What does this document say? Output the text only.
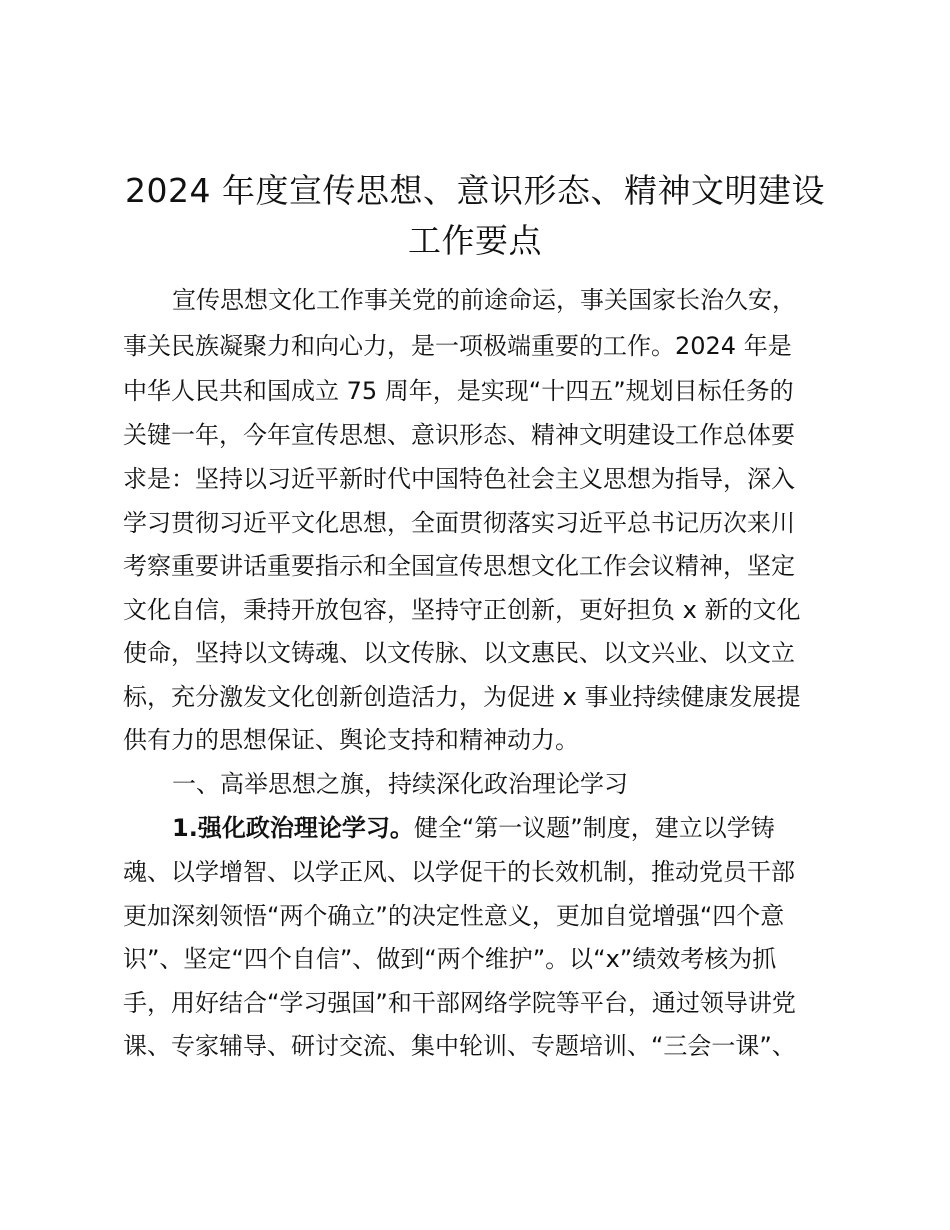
2024 年度宣传思想、意识形态、精神文明建设
工作要点
宣传思想文化工作事关党的前途命运，事关国家长治久安，
事关民族凝聚力和向心力，是一项极端重要的工作。2024 年是
中华人民共和国成立 75 周年，是实现“十四五”规划目标任务的
关键一年，今年宣传思想、意识形态、精神文明建设工作总体要
求是：坚持以习近平新时代中国特色社会主义思想为指导，深入
学习贯彻习近平文化思想，全面贯彻落实习近平总书记历次来川
考察重要讲话重要指示和全国宣传思想文化工作会议精神，坚定
文化自信，秉持开放包容，坚持守正创新，更好担负 x 新的文化
使命，坚持以文铸魂、以文传脉、以文惠民、以文兴业、以文立
标，充分激发文化创新创造活力，为促进 x 事业持续健康发展提
供有力的思想保证、舆论支持和精神动力。
一、高举思想之旗，持续深化政治理论学习
1.强化政治理论学习。健全“第一议题”制度，建立以学铸
魂、以学增智、以学正风、以学促干的长效机制，推动党员干部
更加深刻领悟“两个确立”的决定性意义，更加自觉增强“四个意
识”、坚定“四个自信”、做到“两个维护”。以“x”绩效考核为抓
手，用好结合“学习强国”和干部网络学院等平台，通过领导讲党
课、专家辅导、研讨交流、集中轮训、专题培训、“三会一课”、
